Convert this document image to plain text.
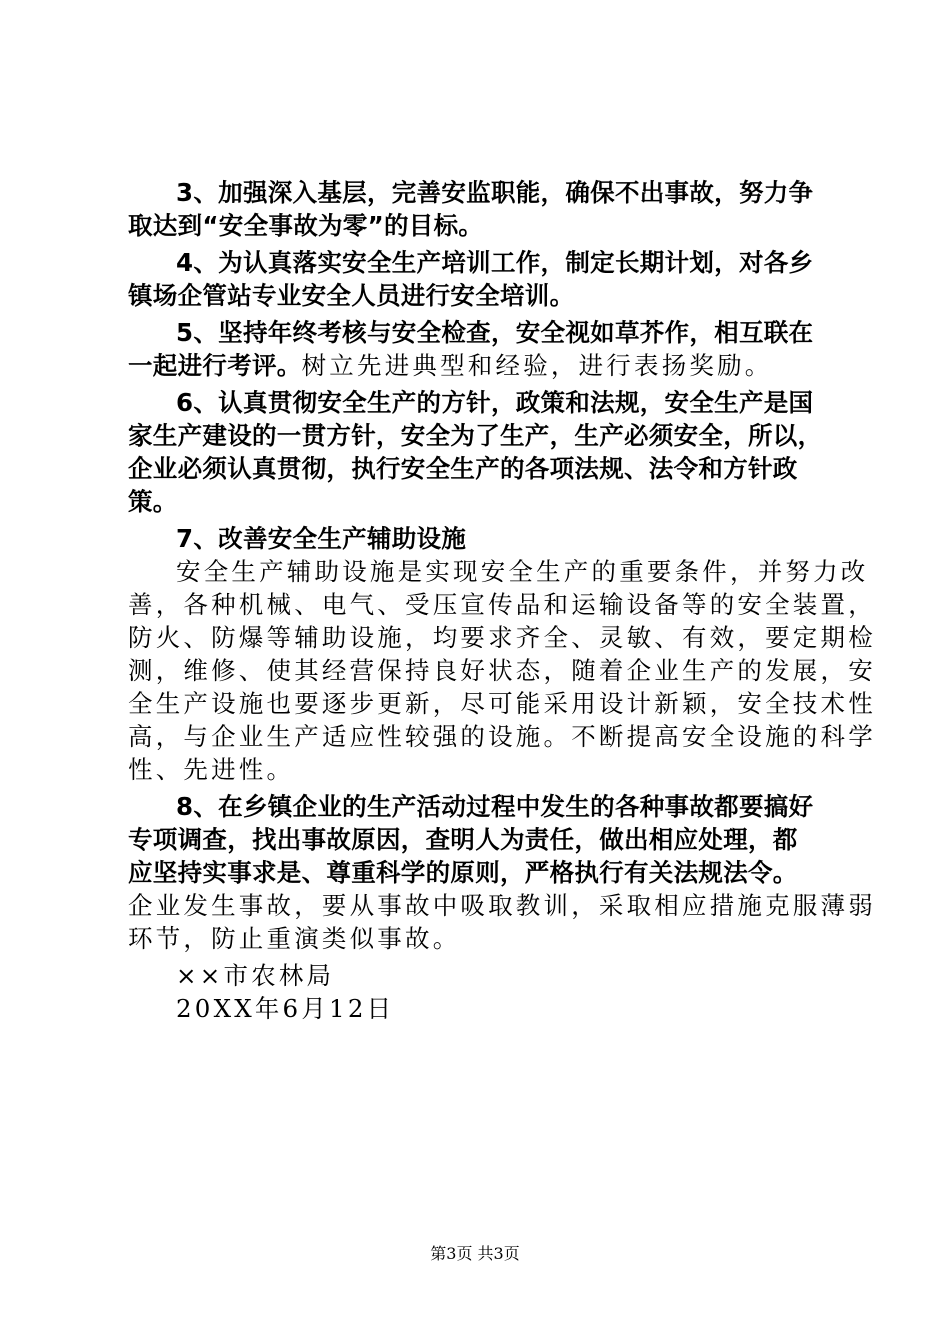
3、加强深入基层，完善安监职能，确保不出事故，努力争
取达到“安全事故为零”的目标。
4、为认真落实安全生产培训工作，制定长期计划，对各乡
镇场企管站专业安全人员进行安全培训。
5、坚持年终考核与安全检查，安全视如草芥作，相互联在
一起进行考评。树立先进典型和经验，进行表扬奖励。
6、认真贯彻安全生产的方针，政策和法规，安全生产是国
家生产建设的一贯方针，安全为了生产，生产必须安全，所以，
企业必须认真贯彻，执行安全生产的各项法规、法令和方针政
策。
7、改善安全生产辅助设施
安全生产辅助设施是实现安全生产的重要条件，并努力改
善，各种机械、电气、受压宣传品和运输设备等的安全装置，
防火、防爆等辅助设施，均要求齐全、灵敏、有效，要定期检
测，维修、使其经营保持良好状态，随着企业生产的发展，安
全生产设施也要逐步更新，尽可能采用设计新颖，安全技术性
高，与企业生产适应性较强的设施。不断提高安全设施的科学
性、先进性。
8、在乡镇企业的生产活动过程中发生的各种事故都要搞好
专项调查，找出事故原因，查明人为责任，做出相应处理，都
应坚持实事求是、尊重科学的原则，严格执行有关法规法令。
企业发生事故，要从事故中吸取教训，采取相应措施克服薄弱
环节，防止重演类似事故。
××市农林局
20XX年6月12日
第3页 共3页
